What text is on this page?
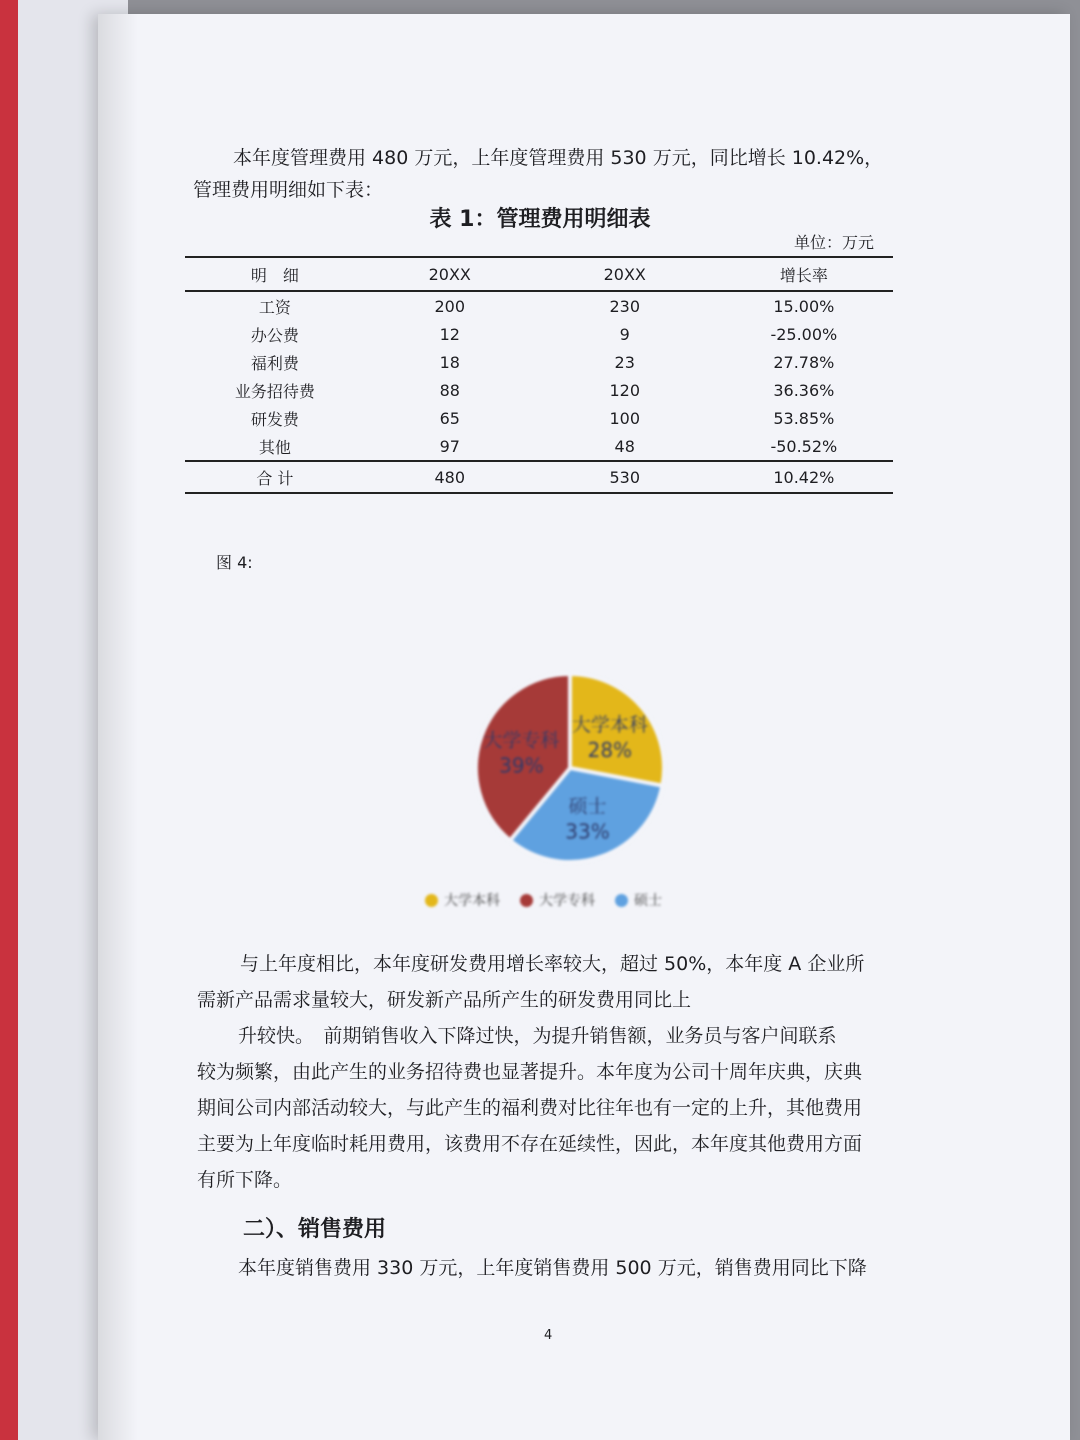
本年度管理费用 480 万元，上年度管理费用 530 万元，同比增长 10.42%，
管理费用明细如下表：
表 1：管理费用明细表
单位：万元
明　细	20XX	20XX	增长率
工资	200	230	15.00%
办公费	12	9	-25.00%
福利费	18	23	27.78%
业务招待费	88	120	36.36%
研发费	65	100	53.85%
其他	97	48	-50.52%
合 计	480	530	10.42%
图 4:
大学本科
28%
硕士
33%
大学专科
39%
大学本科	大学专科	硕士
与上年度相比，本年度研发费用增长率较大，超过 50%，本年度 A 企业所
需新产品需求量较大，研发新产品所产生的研发费用同比上
升较快。　前期销售收入下降过快，为提升销售额，业务员与客户间联系
较为频繁，由此产生的业务招待费也显著提升。本年度为公司十周年庆典，庆典
期间公司内部活动较大，与此产生的福利费对比往年也有一定的上升，其他费用
主要为上年度临时耗用费用，该费用不存在延续性，因此，本年度其他费用方面
有所下降。
二）、销售费用
本年度销售费用 330 万元，上年度销售费用 500 万元，销售费用同比下降
4
